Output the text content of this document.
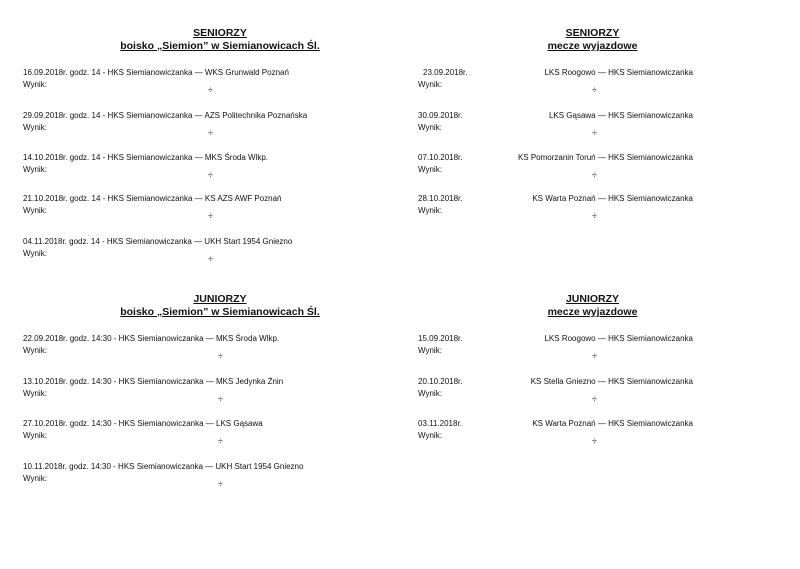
SENIORZY
boisko „Siemion” w Siemianowicach Śl.
16.09.2018r. godz. 14 - HKS Siemianowiczanka — WKS Grunwald Poznań
Wynik:
÷
29.09.2018r. godz. 14 - HKS Siemianowiczanka — AZS Politechnika Poznańska
Wynik:
÷
14.10.2018r. godz. 14 - HKS Siemianowiczanka — MKS Środa Wlkp.
Wynik:
÷
21.10.2018r. godz. 14 - HKS Siemianowiczanka — KS AZS AWF Poznań
Wynik:
÷
04.11.2018r. godz. 14 - HKS Siemianowiczanka — UKH Start 1954 Gniezno
Wynik:
÷
SENIORZY
mecze wyjazdowe
23.09.2018r.	LKS Roogowo — HKS Siemianowiczanka
Wynik:
÷
30.09.2018r.	LKS Gąsawa — HKS Siemianowiczanka
Wynik:
÷
07.10.2018r.	KS Pomorzanin Toruń — HKS Siemianowiczanka
Wynik:
÷
28.10.2018r.	KS Warta Poznań — HKS Siemianowiczanka
Wynik:
÷
JUNIORZY
boisko „Siemion” w Siemianowicach Śl.
22.09.2018r. godz. 14:30 - HKS Siemianowiczanka — MKS Środa Wlkp.
Wynik:
÷
13.10.2018r. godz. 14:30 - HKS Siemianowiczanka — MKS Jedynka Żnin
Wynik:
÷
27.10.2018r. godz. 14:30 - HKS Siemianowiczanka — LKS Gąsawa
Wynik:
÷
10.11.2018r. godz. 14:30 - HKS Siemianowiczanka — UKH Start 1954 Gniezno
Wynik:
÷
JUNIORZY
mecze wyjazdowe
15.09.2018r.	LKS Roogowo — HKS Siemianowiczanka
Wynik:
÷
20.10.2018r.	KS Stella Gniezno — HKS Siemianowiczanka
Wynik:
÷
03.11.2018r.	KS Warta Poznań — HKS Siemianowiczanka
Wynik:
÷
